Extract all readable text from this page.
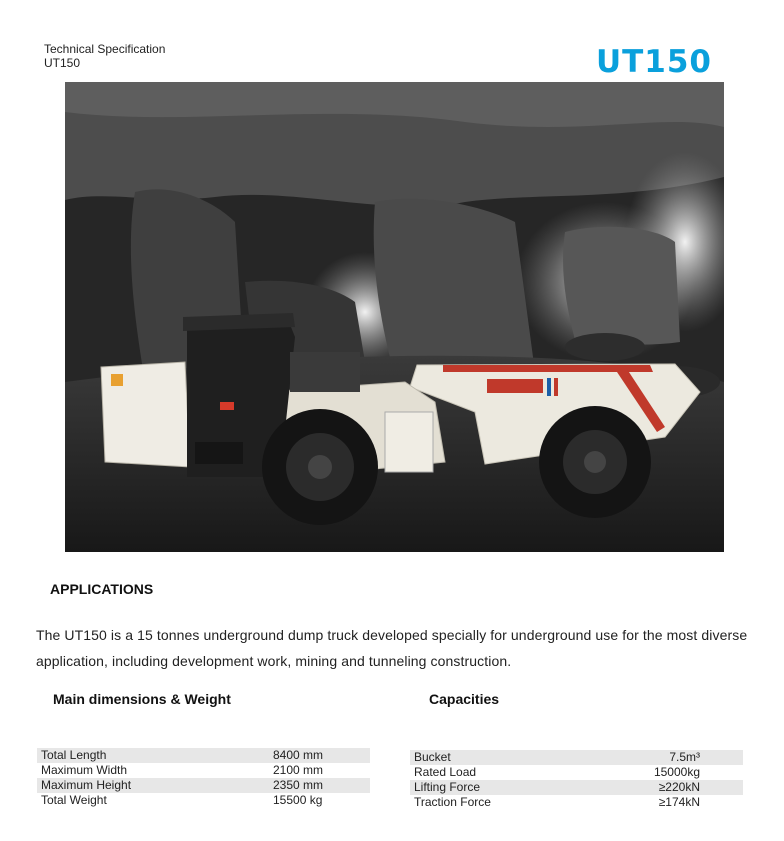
Technical Specification
UT150	UT150
APPLICATIONS
The UT150 is a 15 tonnes underground dump truck developed specially for underground use for the most diverse application, including development work, mining and tunneling construction.
Main dimensions & Weight	Capacities
Total Length	8400 mm
Maximum Width	2100 mm
Maximum Height	2350 mm
Total Weight	15500 kg
Bucket	7.5m³
Rated Load	15000kg
Lifting Force	≥220kN
Traction Force	≥174kN
